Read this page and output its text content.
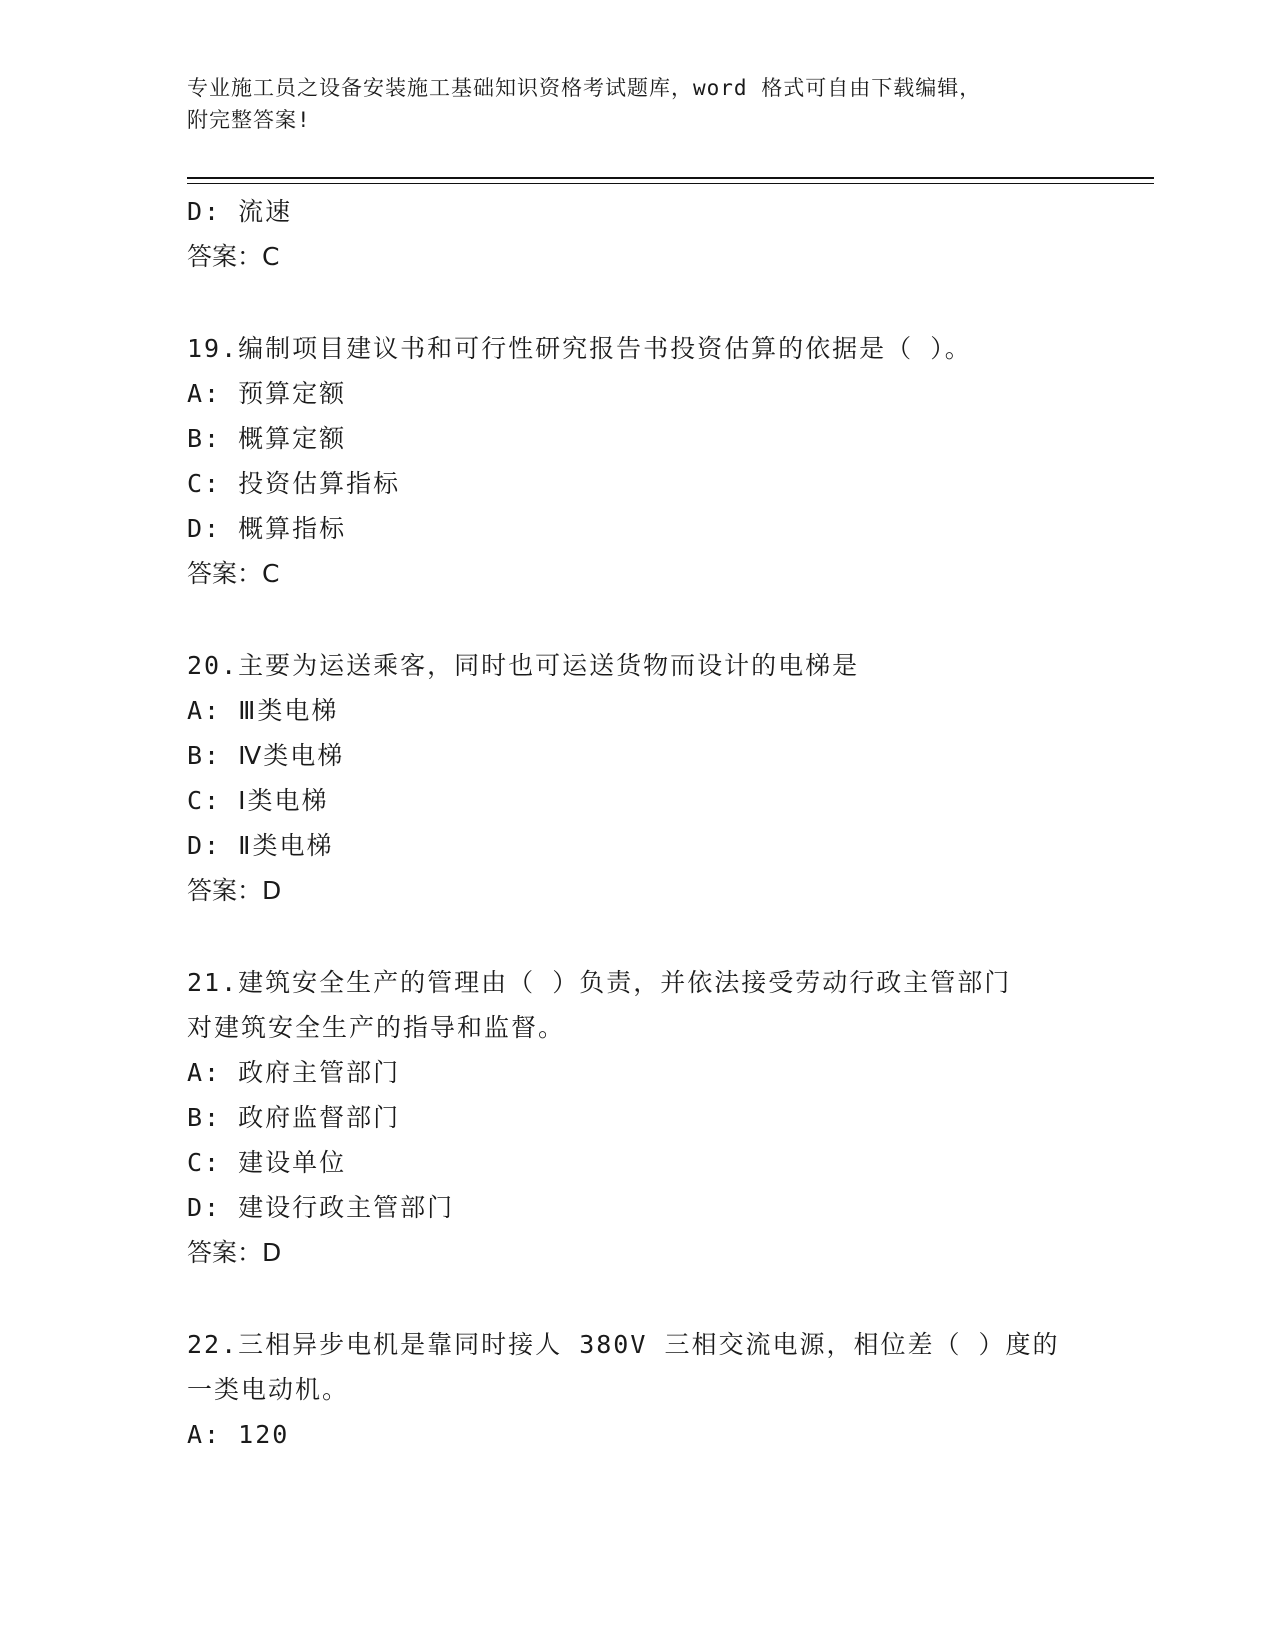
专业施工员之设备安装施工基础知识资格考试题库，word 格式可自由下载编辑，
附完整答案!
D: 流速
答案：C
19.编制项目建议书和可行性研究报告书投资估算的依据是（ ）。
A: 预算定额
B: 概算定额
C: 投资估算指标
D: 概算指标
答案：C
20.主要为运送乘客，同时也可运送货物而设计的电梯是
A: Ⅲ类电梯
B: Ⅳ类电梯
C: Ⅰ类电梯
D: Ⅱ类电梯
答案：D
21.建筑安全生产的管理由（ ）负责，并依法接受劳动行政主管部门
对建筑安全生产的指导和监督。
A: 政府主管部门
B: 政府监督部门
C: 建设单位
D: 建设行政主管部门
答案：D
22.三相异步电机是靠同时接人 380V 三相交流电源，相位差（ ）度的
一类电动机。
A: 120
